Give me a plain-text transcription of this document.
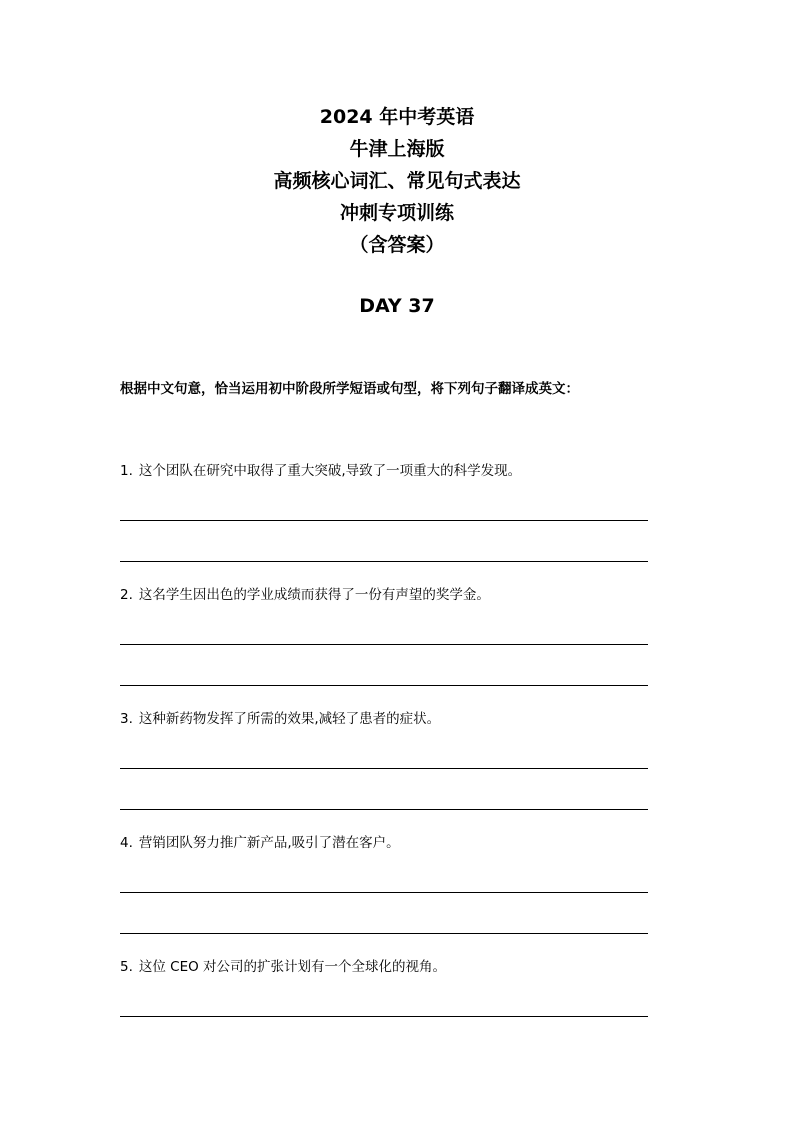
2024 年中考英语
牛津上海版
高频核心词汇、常见句式表达
冲刺专项训练
（含答案）
DAY 37
根据中文句意，恰当运用初中阶段所学短语或句型，将下列句子翻译成英文：
1. 这个团队在研究中取得了重大突破,导致了一项重大的科学发现。
2. 这名学生因出色的学业成绩而获得了一份有声望的奖学金。
3. 这种新药物发挥了所需的效果,减轻了患者的症状。
4. 营销团队努力推广新产品,吸引了潜在客户。
5. 这位 CEO 对公司的扩张计划有一个全球化的视角。
